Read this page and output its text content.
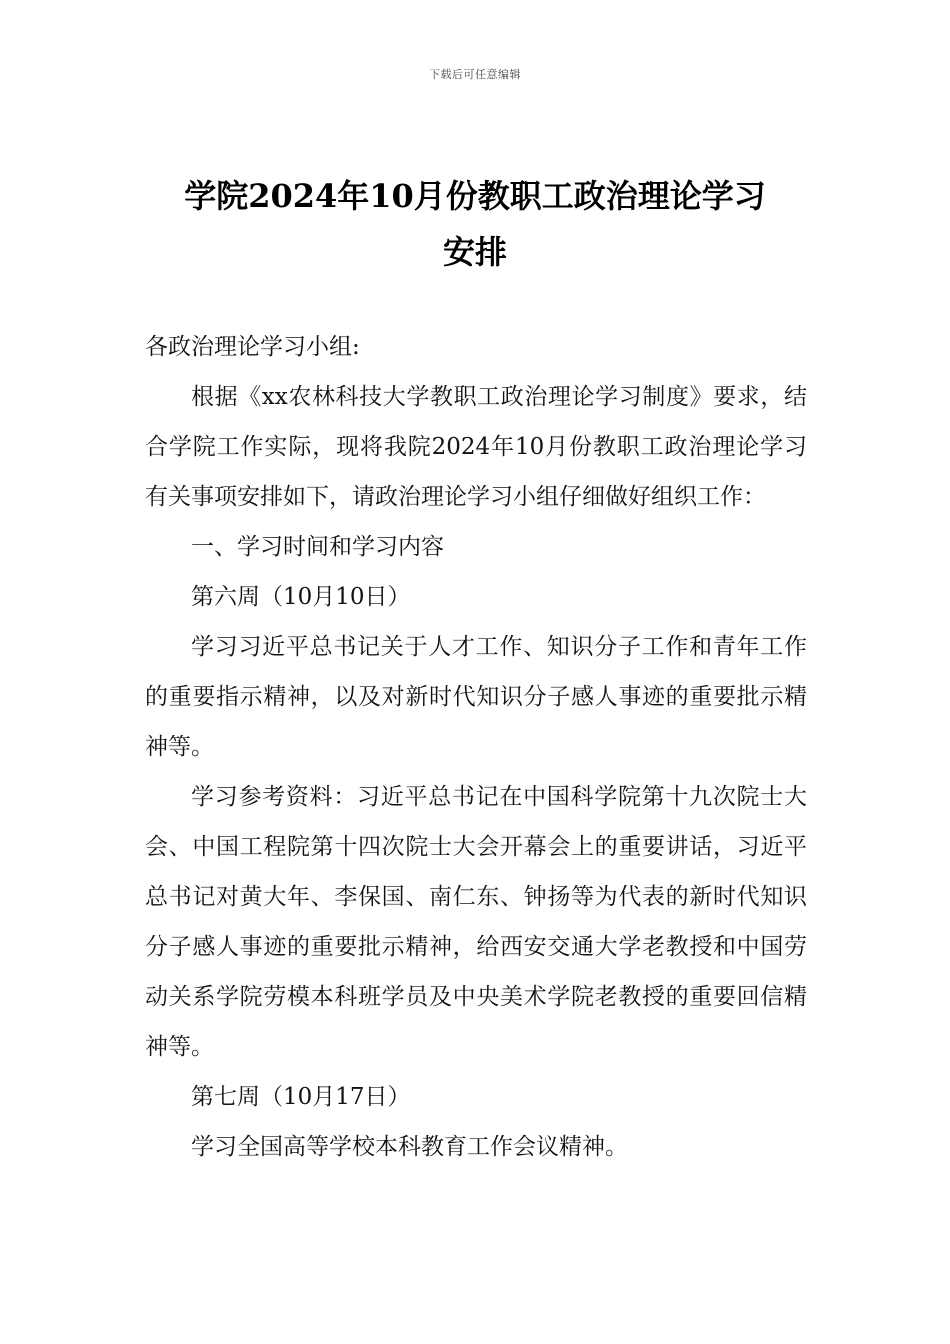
下载后可任意编辑
学院2024年10月份教职工政治理论学习
安排

各政治理论学习小组:

根据《xx农林科技大学教职工政治理论学习制度》要求，结合学院工作实际，现将我院2024年10月份教职工政治理论学习有关事项安排如下，请政治理论学习小组仔细做好组织工作：

一、学习时间和学习内容

第六周（10月10日）

学习习近平总书记关于人才工作、知识分子工作和青年工作的重要指示精神，以及对新时代知识分子感人事迹的重要批示精神等。

学习参考资料：习近平总书记在中国科学院第十九次院士大会、中国工程院第十四次院士大会开幕会上的重要讲话，习近平总书记对黄大年、李保国、南仁东、钟扬等为代表的新时代知识分子感人事迹的重要批示精神，给西安交通大学老教授和中国劳动关系学院劳模本科班学员及中央美术学院老教授的重要回信精神等。

第七周（10月17日）

学习全国高等学校本科教育工作会议精神。
